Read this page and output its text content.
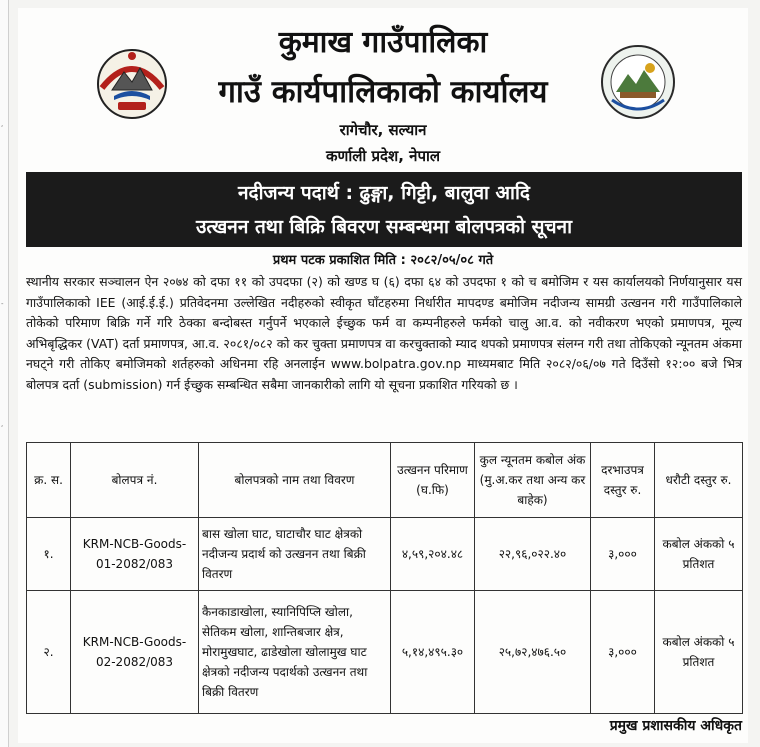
,
-
,
कुमाख गाउँपालिका
गाउँ कार्यपालिकाको कार्यालय
रागेचौर, सल्यान
कर्णाली प्रदेश, नेपाल
नदीजन्य पदार्थ : ढुङ्गा, गिट्टी, बालुवा आदि
उत्खनन तथा बिक्रि बिवरण सम्बन्धमा बोलपत्रको सूचना
प्रथम पटक प्रकाशित मिति : २०८२/०५/०८ गते
स्थानीय सरकार सञ्चालन ऐन २०७४ को दफा ११ को उपदफा (२) को खण्ड घ (६) दफा ६४ को उपदफा १ को च बमोजिम र यस कार्यालयको निर्णयानुसार यस गाउँपालिकाको IEE (आई.ई.ई.) प्रतिवेदनमा उल्लेखित नदीहरुको स्वीकृत घाँटहरुमा निर्धारीत मापदण्ड बमोजिम नदीजन्य सामग्री उत्खनन गरी गाउँपालिकाले तोकेको परिमाण बिक्रि गर्ने गरि ठेक्का बन्दोबस्त गर्नुपर्ने भएकाले ईच्छुक फर्म वा कम्पनीहरुले फर्मको चालु आ.व. को नवीकरण भएको प्रमाणपत्र, मूल्य अभिबृद्धिकर (VAT) दर्ता प्रमाणपत्र, आ.व. २०८१/०८२ को कर चुक्ता प्रमाणपत्र वा करचुक्ताको म्याद थपको प्रमाणपत्र संलग्न गरी तथा तोकिएको न्यूनतम अंकमा नघट्ने गरी तोकिए बमोजिमको शर्तहरुको अधिनमा रहि अनलाईन www.bolpatra.gov.np माध्यमबाट मिति २०८२/०६/०७ गते दिउँसो १२:०० बजे भित्र बोलपत्र दर्ता (submission) गर्न ईच्छुक सम्बन्धित सबैमा जानकारीको लागि यो सूचना प्रकाशित गरियको छ ।
क्र. स.	बोलपत्र नं.	बोलपत्रको नाम तथा विवरण	उत्खनन परिमाण (घ.फि)	कुल न्यूनतम कबोल अंक (मु.अ.कर तथा अन्य कर बाहेक)	दरभाउपत्र दस्तुर रु.	धरौटी दस्तुर रु.
१.	KRM-NCB-Goods-01-2082/083	बास खोला घाट, घाटाचौर घाट क्षेत्रको नदीजन्य प्रदार्थ को उत्खनन तथा बिक्री वितरण	४,५९,२०४.४८	२२,९६,०२२.४०	३,०००	कबोल अंकको ५ प्रतिशत
२.	KRM-NCB-Goods-02-2082/083	कैनकाडाखोला, स्यानिपिप्लि खोला, सेतिकम खोला, शान्तिबजार क्षेत्र, मोरामुखघाट, ढाडेखोला खोलामुख घाट क्षेत्रको नदीजन्य पदार्थको उत्खनन तथा बिक्री वितरण	५,१४,४९५.३०	२५,७२,४७६.५०	३,०००	कबोल अंकको ५ प्रतिशत
प्रमुख प्रशासकीय अधिकृत
